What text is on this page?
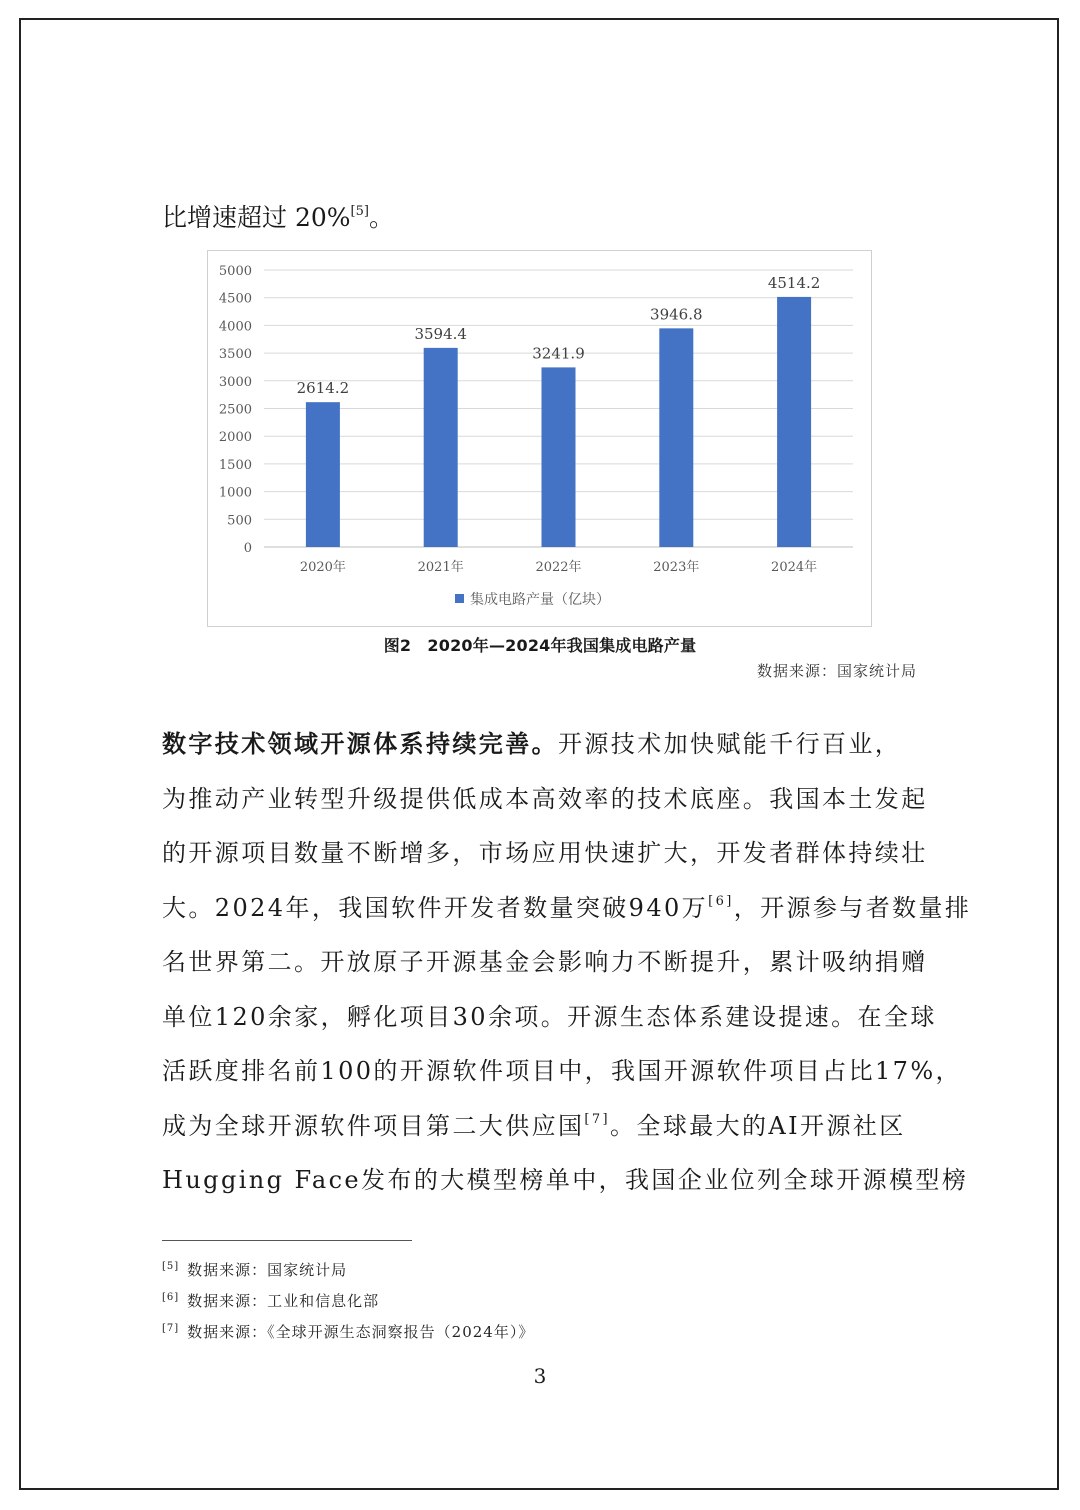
比增速超过 20%[5]。
0
500
1000
1500
2000
2500
3000
3500
4000
4500
5000
2614.2
2020年
3594.4
2021年
3241.9
2022年
3946.8
2023年
4514.2
2024年
集成电路产量（亿块）
图2　2020年—2024年我国集成电路产量
数据来源：国家统计局
数字技术领域开源体系持续完善。开源技术加快赋能千行百业，
为推动产业转型升级提供低成本高效率的技术底座。我国本土发起
的开源项目数量不断增多，市场应用快速扩大，开发者群体持续壮
大。2024年，我国软件开发者数量突破940万[6]，开源参与者数量排
名世界第二。开放原子开源基金会影响力不断提升，累计吸纳捐赠
单位120余家，孵化项目30余项。开源生态体系建设提速。在全球
活跃度排名前100的开源软件项目中，我国开源软件项目占比17%，
成为全球开源软件项目第二大供应国[7]。全球最大的AI开源社区
Hugging Face发布的大模型榜单中，我国企业位列全球开源模型榜
[5] 数据来源：国家统计局
[6] 数据来源：工业和信息化部
[7] 数据来源：《全球开源生态洞察报告（2024年）》
3
